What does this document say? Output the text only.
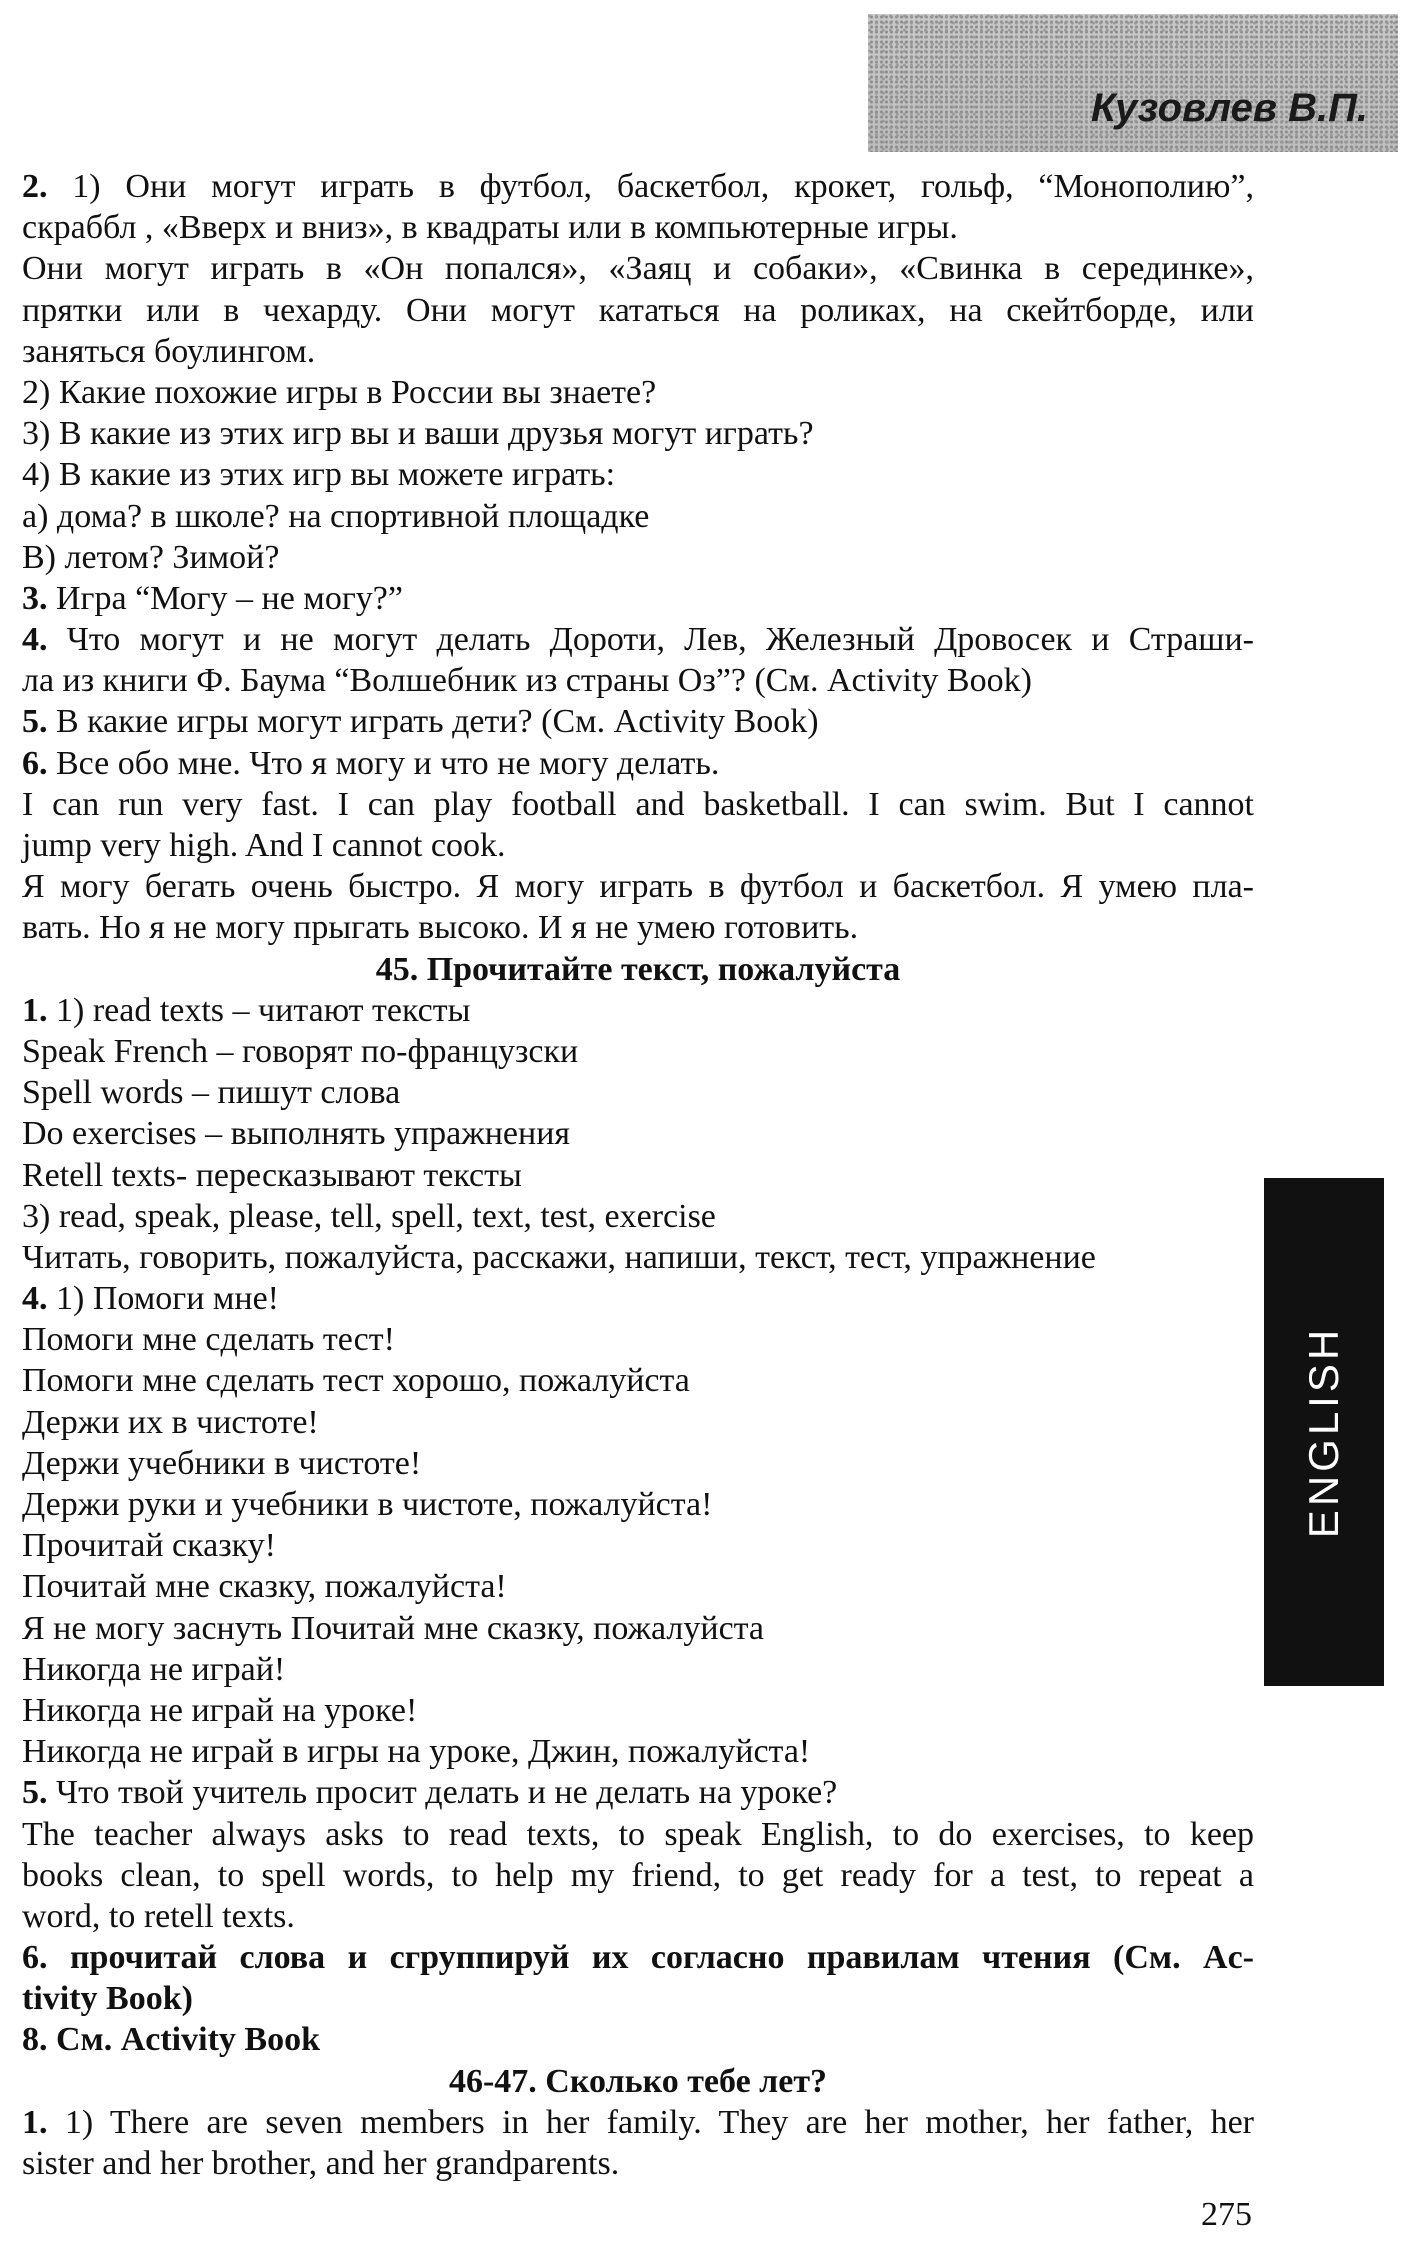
Кузовлев В.П.
2. 1) Они могут играть в футбол, баскетбол, крокет, гольф, “Монополию”,
скраббл , «Вверх и вниз», в квадраты или в компьютерные игры.
Они могут играть в «Он попался», «Заяц и собаки», «Свинка в серединке»,
прятки или в чехарду. Они могут кататься на роликах, на скейтборде, или
заняться боулингом.
2) Какие похожие игры в России вы знаете?
3) В какие из этих игр вы и ваши друзья могут играть?
4) В какие из этих игр вы можете играть:
а) дома? в школе? на спортивной площадке
В) летом? Зимой?
3. Игра “Могу – не могу?”
4. Что могут и не могут делать Дороти, Лев, Железный Дровосек и Страши-
ла из книги Ф. Баума “Волшебник из страны Оз”? (См. Activity Book)
5. В какие игры могут играть дети? (См. Activity Book)
6. Все обо мне. Что я могу и что не могу делать.
I can run very fast. I can play football and basketball. I can swim. But I cannot
jump very high. And I cannot cook.
Я могу бегать очень быстро. Я могу играть в футбол и баскетбол. Я умею пла-
вать. Но я не могу прыгать высоко. И я не умею готовить.
45. Прочитайте текст, пожалуйста
1. 1) read texts – читают тексты
Speak French – говорят по-французски
Spell words – пишут слова
Do exercises – выполнять упражнения
Retell texts- пересказывают тексты
3) read, speak, please, tell, spell, text, test, exercise
Читать, говорить, пожалуйста, расскажи, напиши, текст, тест, упражнение
4. 1) Помоги мне!
Помоги мне сделать тест!
Помоги мне сделать тест хорошо, пожалуйста
Держи их в чистоте!
Держи учебники в чистоте!
Держи руки и учебники в чистоте, пожалуйста!
Прочитай сказку!
Почитай мне сказку, пожалуйста!
Я не могу заснуть Почитай мне сказку, пожалуйста
Никогда не играй!
Никогда не играй на уроке!
Никогда не играй в игры на уроке, Джин, пожалуйста!
5. Что твой учитель просит делать и не делать на уроке?
The teacher always asks to read texts, to speak English, to do exercises, to keep
books clean, to spell words, to help my friend, to get ready for a test, to repeat a
word, to retell texts.
6. прочитай слова и сгруппируй их согласно правилам чтения (См. Ac-
tivity Book)
8. См. Activity Book
46-47. Сколько тебе лет?
1. 1) There are seven members in her family. They are her mother, her father, her
sister and her brother, and her grandparents.
ENGLISH
275
